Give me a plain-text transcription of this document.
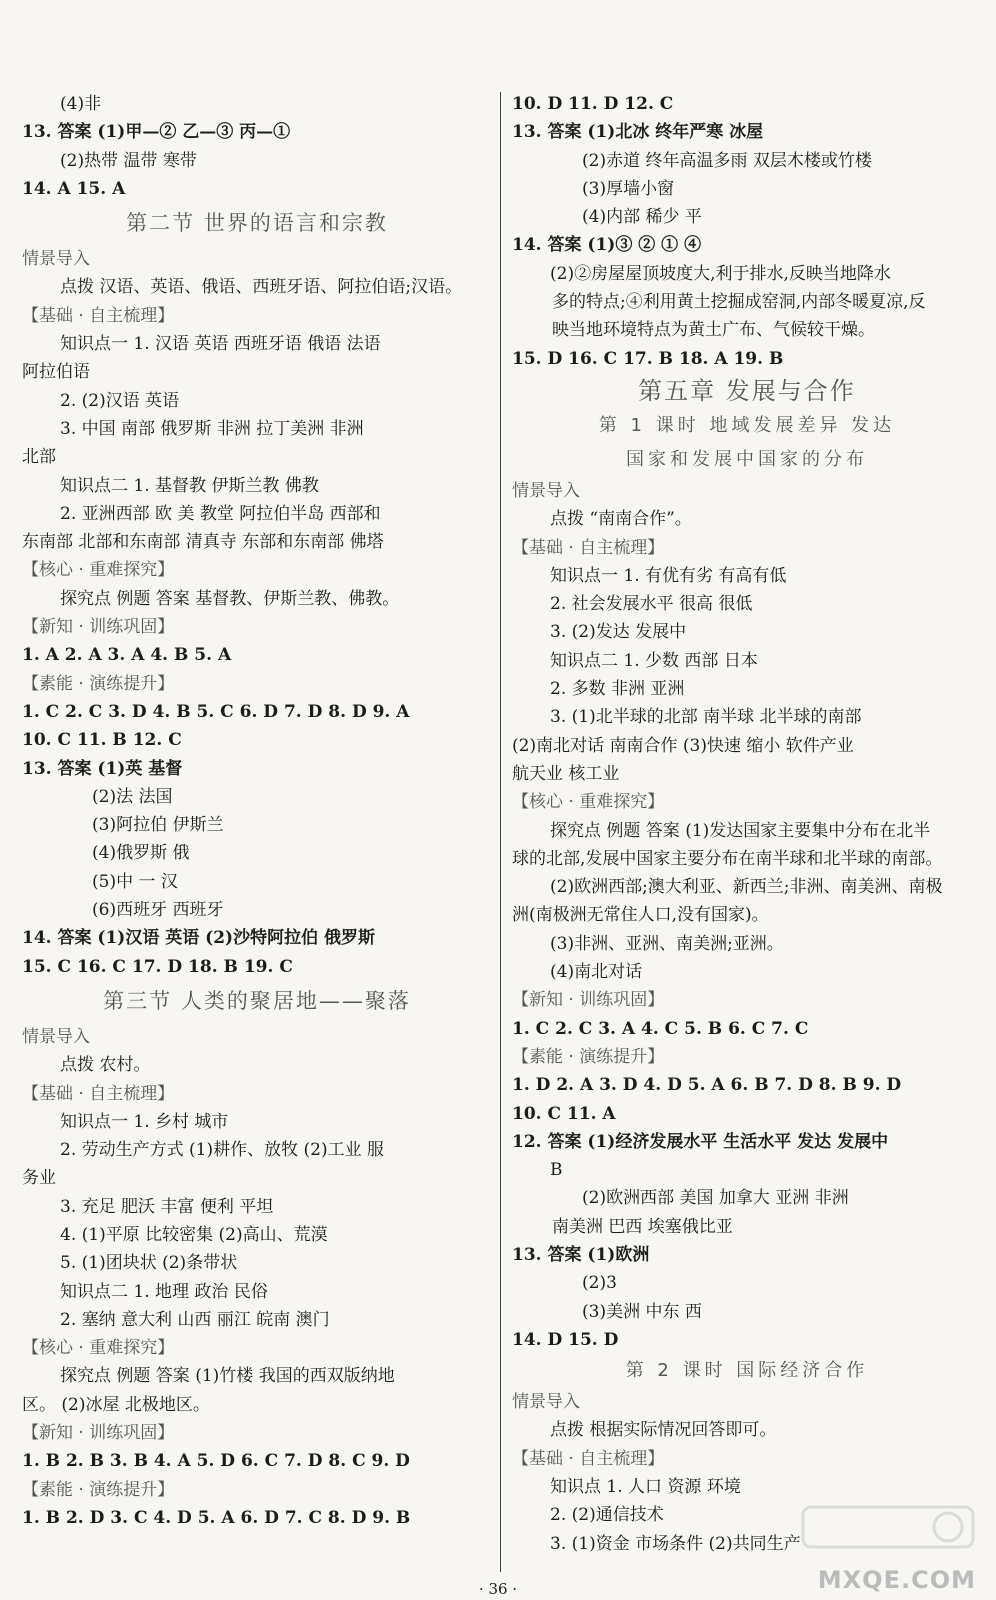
(4)非
13. 答案 (1)甲—② 乙—③ 丙—①
(2)热带 温带 寒带
14. A 15. A
第二节 世界的语言和宗教
情景导入
点拨 汉语、英语、俄语、西班牙语、阿拉伯语;汉语。
【基础 · 自主梳理】
知识点一 1. 汉语 英语 西班牙语 俄语 法语
阿拉伯语
2. (2)汉语 英语
3. 中国 南部 俄罗斯 非洲 拉丁美洲 非洲
北部
知识点二 1. 基督教 伊斯兰教 佛教
2. 亚洲西部 欧 美 教堂 阿拉伯半岛 西部和
东南部 北部和东南部 清真寺 东部和东南部 佛塔
【核心 · 重难探究】
探究点 例题 答案 基督教、伊斯兰教、佛教。
【新知 · 训练巩固】
1. A 2. A 3. A 4. B 5. A
【素能 · 演练提升】
1. C 2. C 3. D 4. B 5. C 6. D 7. D 8. D 9. A
10. C 11. B 12. C
13. 答案 (1)英 基督
(2)法 法国
(3)阿拉伯 伊斯兰
(4)俄罗斯 俄
(5)中 一 汉
(6)西班牙 西班牙
14. 答案 (1)汉语 英语 (2)沙特阿拉伯 俄罗斯
15. C 16. C 17. D 18. B 19. C
第三节 人类的聚居地——聚落
情景导入
点拨 农村。
【基础 · 自主梳理】
知识点一 1. 乡村 城市
2. 劳动生产方式 (1)耕作、放牧 (2)工业 服
务业
3. 充足 肥沃 丰富 便利 平坦
4. (1)平原 比较密集 (2)高山、荒漠
5. (1)团块状 (2)条带状
知识点二 1. 地理 政治 民俗
2. 塞纳 意大利 山西 丽江 皖南 澳门
【核心 · 重难探究】
探究点 例题 答案 (1)竹楼 我国的西双版纳地
区。 (2)冰屋 北极地区。
【新知 · 训练巩固】
1. B 2. B 3. B 4. A 5. D 6. C 7. D 8. C 9. D
【素能 · 演练提升】
1. B 2. D 3. C 4. D 5. A 6. D 7. C 8. D 9. B
10. D 11. D 12. C
13. 答案 (1)北冰 终年严寒 冰屋
(2)赤道 终年高温多雨 双层木楼或竹楼
(3)厚墙小窗
(4)内部 稀少 平
14. 答案 (1)③ ② ① ④
(2)②房屋屋顶坡度大,利于排水,反映当地降水
多的特点;④利用黄土挖掘成窑洞,内部冬暖夏凉,反
映当地环境特点为黄土广布、气候较干燥。
15. D 16. C 17. B 18. A 19. B
第五章 发展与合作
第 1 课时 地域发展差异 发达
国家和发展中国家的分布
情景导入
点拨 “南南合作”。
【基础 · 自主梳理】
知识点一 1. 有优有劣 有高有低
2. 社会发展水平 很高 很低
3. (2)发达 发展中
知识点二 1. 少数 西部 日本
2. 多数 非洲 亚洲
3. (1)北半球的北部 南半球 北半球的南部
(2)南北对话 南南合作 (3)快速 缩小 软件产业
航天业 核工业
【核心 · 重难探究】
探究点 例题 答案 (1)发达国家主要集中分布在北半
球的北部,发展中国家主要分布在南半球和北半球的南部。
(2)欧洲西部;澳大利亚、新西兰;非洲、南美洲、南极
洲(南极洲无常住人口,没有国家)。
(3)非洲、亚洲、南美洲;亚洲。
(4)南北对话
【新知 · 训练巩固】
1. C 2. C 3. A 4. C 5. B 6. C 7. C
【素能 · 演练提升】
1. D 2. A 3. D 4. D 5. A 6. B 7. D 8. B 9. D
10. C 11. A
12. 答案 (1)经济发展水平 生活水平 发达 发展中
B
(2)欧洲西部 美国 加拿大 亚洲 非洲
南美洲 巴西 埃塞俄比亚
13. 答案 (1)欧洲
(2)3
(3)美洲 中东 西
14. D 15. D
第 2 课时 国际经济合作
情景导入
点拨 根据实际情况回答即可。
【基础 · 自主梳理】
知识点 1. 人口 资源 环境
2. (2)通信技术
3. (1)资金 市场条件 (2)共同生产
· 36 ·	MXQE.COM
